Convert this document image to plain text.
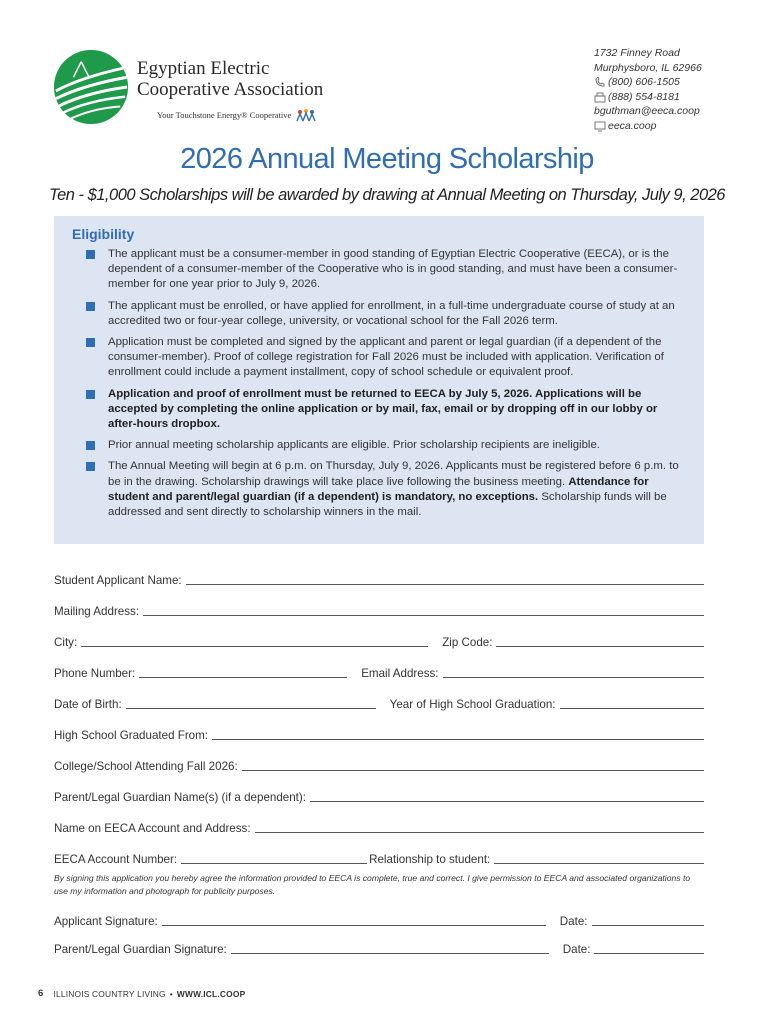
Egyptian Electric
Cooperative Association
Your Touchstone Energy® Cooperative
1732 Finney Road
Murphysboro, IL 62966
(800) 606-1505
(888) 554-8181
bguthman@eeca.coop
eeca.coop
2026 Annual Meeting Scholarship
Ten - $1,000 Scholarships will be awarded by drawing at Annual Meeting on Thursday, July 9, 2026
Eligibility
The applicant must be a consumer-member in good standing of Egyptian Electric Cooperative (EECA), or is the dependent of a consumer-member of the Cooperative who is in good standing, and must have been a consumer-member for one year prior to July 9, 2026.
The applicant must be enrolled, or have applied for enrollment, in a full-time undergraduate course of study at an accredited two or four-year college, university, or vocational school for the Fall 2026 term.
Application must be completed and signed by the applicant and parent or legal guardian (if a dependent of the consumer-member). Proof of college registration for Fall 2026 must be included with application. Verification of enrollment could include a payment installment, copy of school schedule or equivalent proof.
Application and proof of enrollment must be returned to EECA by July 5, 2026. Applications will be accepted by completing the online application or by mail, fax, email or by dropping off in our lobby or after-hours dropbox.
Prior annual meeting scholarship applicants are eligible. Prior scholarship recipients are ineligible.
The Annual Meeting will begin at 6 p.m. on Thursday, July 9, 2026. Applicants must be registered before 6 p.m. to be in the drawing. Scholarship drawings will take place live following the business meeting. Attendance for student and parent/legal guardian (if a dependent) is mandatory, no exceptions. Scholarship funds will be addressed and sent directly to scholarship winners in the mail.
Student Applicant Name:
Mailing Address:
City:	Zip Code:
Phone Number:	Email Address:
Date of Birth:	Year of High School Graduation:
High School Graduated From:
College/School Attending Fall 2026:
Parent/Legal Guardian Name(s) (if a dependent):
Name on EECA Account and Address:
EECA Account Number:	Relationship to student:
By signing this application you hereby agree the information provided to EECA is complete, true and correct. I give permission to EECA and associated organizations to use my information and photograph for publicity purposes.
Applicant Signature:	Date:
Parent/Legal Guardian Signature:	Date:
6 ILLINOIS COUNTRY LIVING • WWW.ICL.COOP
